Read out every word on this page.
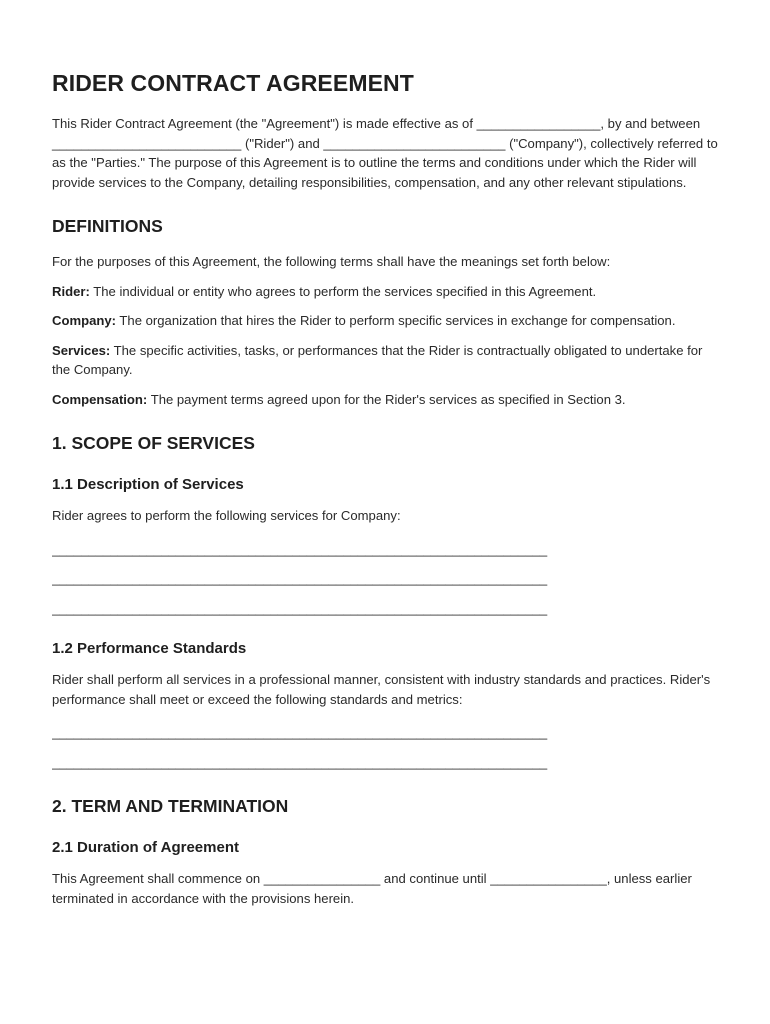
RIDER CONTRACT AGREEMENT

This Rider Contract Agreement (the "Agreement") is made effective as of _________________, by and between __________________________ ("Rider") and _________________________ ("Company"), collectively referred to as the "Parties." The purpose of this Agreement is to outline the terms and conditions under which the Rider will provide services to the Company, detailing responsibilities, compensation, and any other relevant stipulations.

DEFINITIONS

For the purposes of this Agreement, the following terms shall have the meanings set forth below:

Rider: The individual or entity who agrees to perform the services specified in this Agreement.

Company: The organization that hires the Rider to perform specific services in exchange for compensation.

Services: The specific activities, tasks, or performances that the Rider is contractually obligated to undertake for the Company.

Compensation: The payment terms agreed upon for the Rider's services as specified in Section 3.

1. SCOPE OF SERVICES
1.1 Description of Services

Rider agrees to perform the following services for Company:

____________________________________________________________________
____________________________________________________________________
____________________________________________________________________
1.2 Performance Standards

Rider shall perform all services in a professional manner, consistent with industry standards and practices. Rider's performance shall meet or exceed the following standards and metrics:

____________________________________________________________________
____________________________________________________________________
2. TERM AND TERMINATION
2.1 Duration of Agreement

This Agreement shall commence on ________________ and continue until ________________, unless earlier terminated in accordance with the provisions herein.
